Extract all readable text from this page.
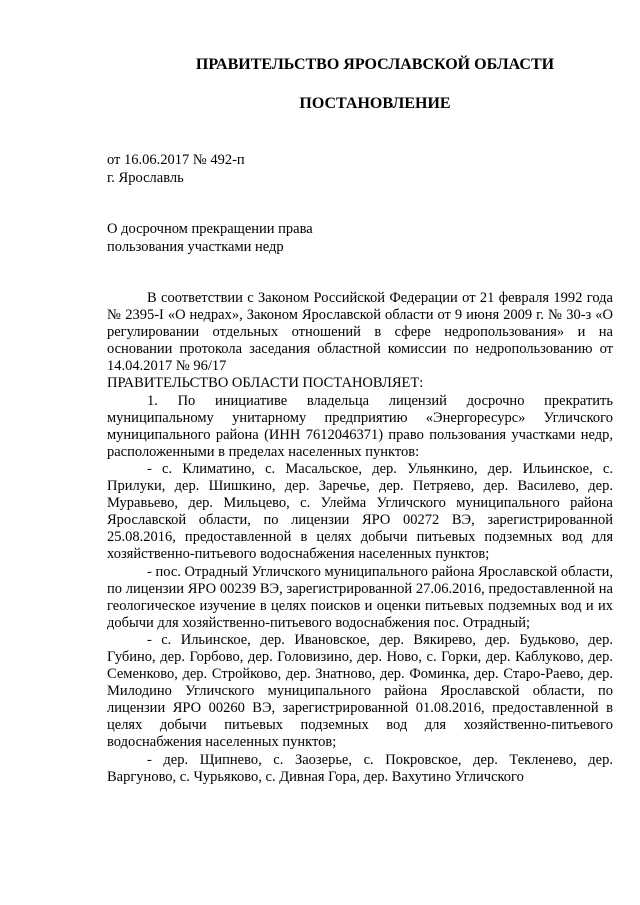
ПРАВИТЕЛЬСТВО ЯРОСЛАВСКОЙ ОБЛАСТИ
ПОСТАНОВЛЕНИЕ
от 16.06.2017 № 492-п
г. Ярославль
О досрочном прекращении права
пользования участками недр

В соответствии с Законом Российской Федерации от 21 февраля 1992 года № 2395-I «О недрах», Законом Ярославской области от 9 июня 2009 г. № 30-з «О регулировании отдельных отношений в сфере недропользования» и на основании протокола заседания областной комиссии по недропользованию от 14.04.2017 № 96/17

ПРАВИТЕЛЬСТВО ОБЛАСТИ ПОСТАНОВЛЯЕТ:

1. По инициативе владельца лицензий досрочно прекратить муниципальному унитарному предприятию «Энергоресурс» Угличского муниципального района (ИНН 7612046371) право пользования участками недр, расположенными в пределах населенных пунктов:

- с. Климатино, с. Масальское, дер. Ульянкино, дер. Ильинское, с. Прилуки, дер. Шишкино, дер. Заречье, дер. Петряево, дер. Василево, дер. Муравьево, дер. Мильцево, с. Улейма Угличского муниципального района Ярославской области, по лицензии ЯРО 00272 ВЭ, зарегистрированной 25.08.2016, предоставленной в целях добычи питьевых подземных вод для хозяйственно-питьевого водоснабжения населенных пунктов;

- пос. Отрадный Угличского муниципального района Ярославской области, по лицензии ЯРО 00239 ВЭ, зарегистрированной 27.06.2016, предоставленной на геологическое изучение в целях поисков и оценки питьевых подземных вод и их добычи для хозяйственно-питьевого водоснабжения пос. Отрадный;

- с. Ильинское, дер. Ивановское, дер. Вякирево, дер. Будьково, дер. Губино, дер. Горбово, дер. Головизино, дер. Ново, с. Горки, дер. Каблуково, дер. Семенково, дер. Стройково, дер. Знатново, дер. Фоминка, дер. Старо-Раево, дер. Милодино Угличского муниципального района Ярославской области, по лицензии ЯРО 00260 ВЭ, зарегистрированной 01.08.2016, предоставленной в целях добычи питьевых подземных вод для хозяйственно-питьевого водоснабжения населенных пунктов;

- дер. Щипнево, с. Заозерье, с. Покровское, дер. Текленево, дер. Варгуново, с. Чурьяково, с. Дивная Гора, дер. Вахутино Угличского
